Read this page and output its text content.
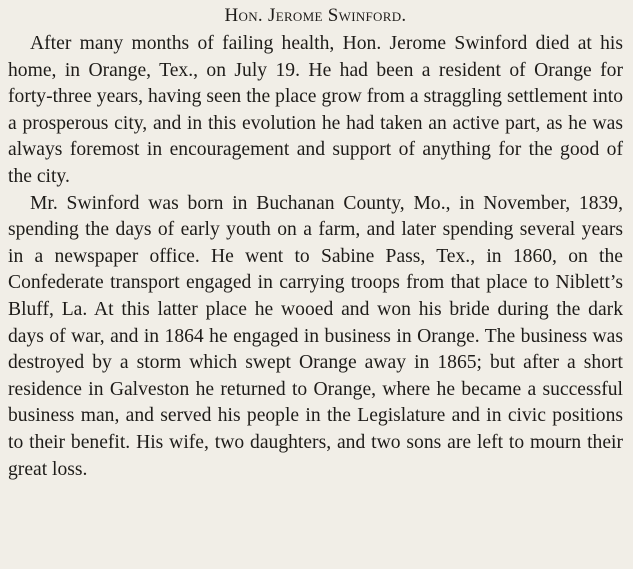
Hon. Jerome Swinford.

After many months of failing health, Hon. Jerome Swinford died at his home, in Orange, Tex., on July 19. He had been a resident of Orange for forty-three years, having seen the place grow from a straggling settlement into a prosperous city, and in this evolution he had taken an active part, as he was always foremost in encouragement and support of anything for the good of the city.

Mr. Swinford was born in Buchanan County, Mo., in November, 1839, spending the days of early youth on a farm, and later spending several years in a newspaper office. He went to Sabine Pass, Tex., in 1860, on the Confederate transport engaged in carrying troops from that place to Niblett’s Bluff, La. At this latter place he wooed and won his bride during the dark days of war, and in 1864 he engaged in business in Orange. The business was destroyed by a storm which swept Orange away in 1865; but after a short residence in Galveston he returned to Orange, where he became a successful business man, and served his people in the Legislature and in civic positions to their benefit. His wife, two daughters, and two sons are left to mourn their great loss.
